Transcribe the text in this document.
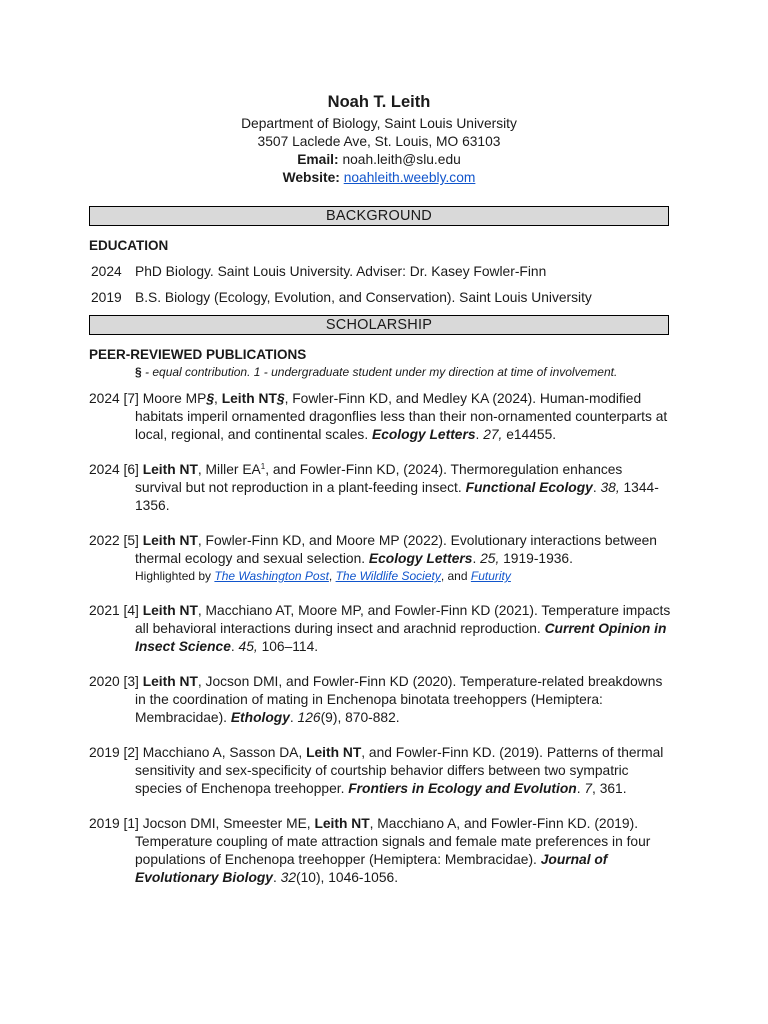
Noah T. Leith
Department of Biology, Saint Louis University
3507 Laclede Ave, St. Louis, MO 63103
Email: noah.leith@slu.edu
Website: noahleith.weebly.com
BACKGROUND
EDUCATION
2024 PhD Biology. Saint Louis University. Adviser: Dr. Kasey Fowler-Finn
2019 B.S. Biology (Ecology, Evolution, and Conservation). Saint Louis University
SCHOLARSHIP
PEER-REVIEWED PUBLICATIONS
§ - equal contribution. 1 - undergraduate student under my direction at time of involvement.
2024 [7] Moore MP§, Leith NT§, Fowler-Finn KD, and Medley KA (2024). Human-modified
habitats imperil ornamented dragonflies less than their non-ornamented counterparts at
local, regional, and continental scales. Ecology Letters. 27, e14455.
2024 [6] Leith NT, Miller $EA^1$, and Fowler-Finn KD, (2024). Thermoregulation enhances
survival but not reproduction in a plant-feeding insect. Functional Ecology. 38, 1344-
1356.
2022 [5] Leith NT, Fowler-Finn KD, and Moore MP (2022). Evolutionary interactions between
thermal ecology and sexual selection. Ecology Letters. 25, 1919-1936.
Highlighted by The Washington Post, The Wildlife Society, and Futurity
2021 [4] Leith NT, Macchiano AT, Moore MP, and Fowler-Finn KD (2021). Temperature impacts
all behavioral interactions during insect and arachnid reproduction. Current Opinion in
Insect Science. 45, 106–114.
2020 [3] Leith NT, Jocson DMI, and Fowler-Finn KD (2020). Temperature-related breakdowns
in the coordination of mating in Enchenopa binotata treehoppers (Hemiptera:
Membracidae). Ethology. 126(9), 870-882.
2019 [2] Macchiano A, Sasson DA, Leith NT, and Fowler-Finn KD. (2019). Patterns of thermal
sensitivity and sex-specificity of courtship behavior differs between two sympatric
species of Enchenopa treehopper. Frontiers in Ecology and Evolution. 7, 361.
2019 [1] Jocson DMI, Smeester ME, Leith NT, Macchiano A, and Fowler-Finn KD. (2019).
Temperature coupling of mate attraction signals and female mate preferences in four
populations of Enchenopa treehopper (Hemiptera: Membracidae). Journal of
Evolutionary Biology. 32(10), 1046-1056.
